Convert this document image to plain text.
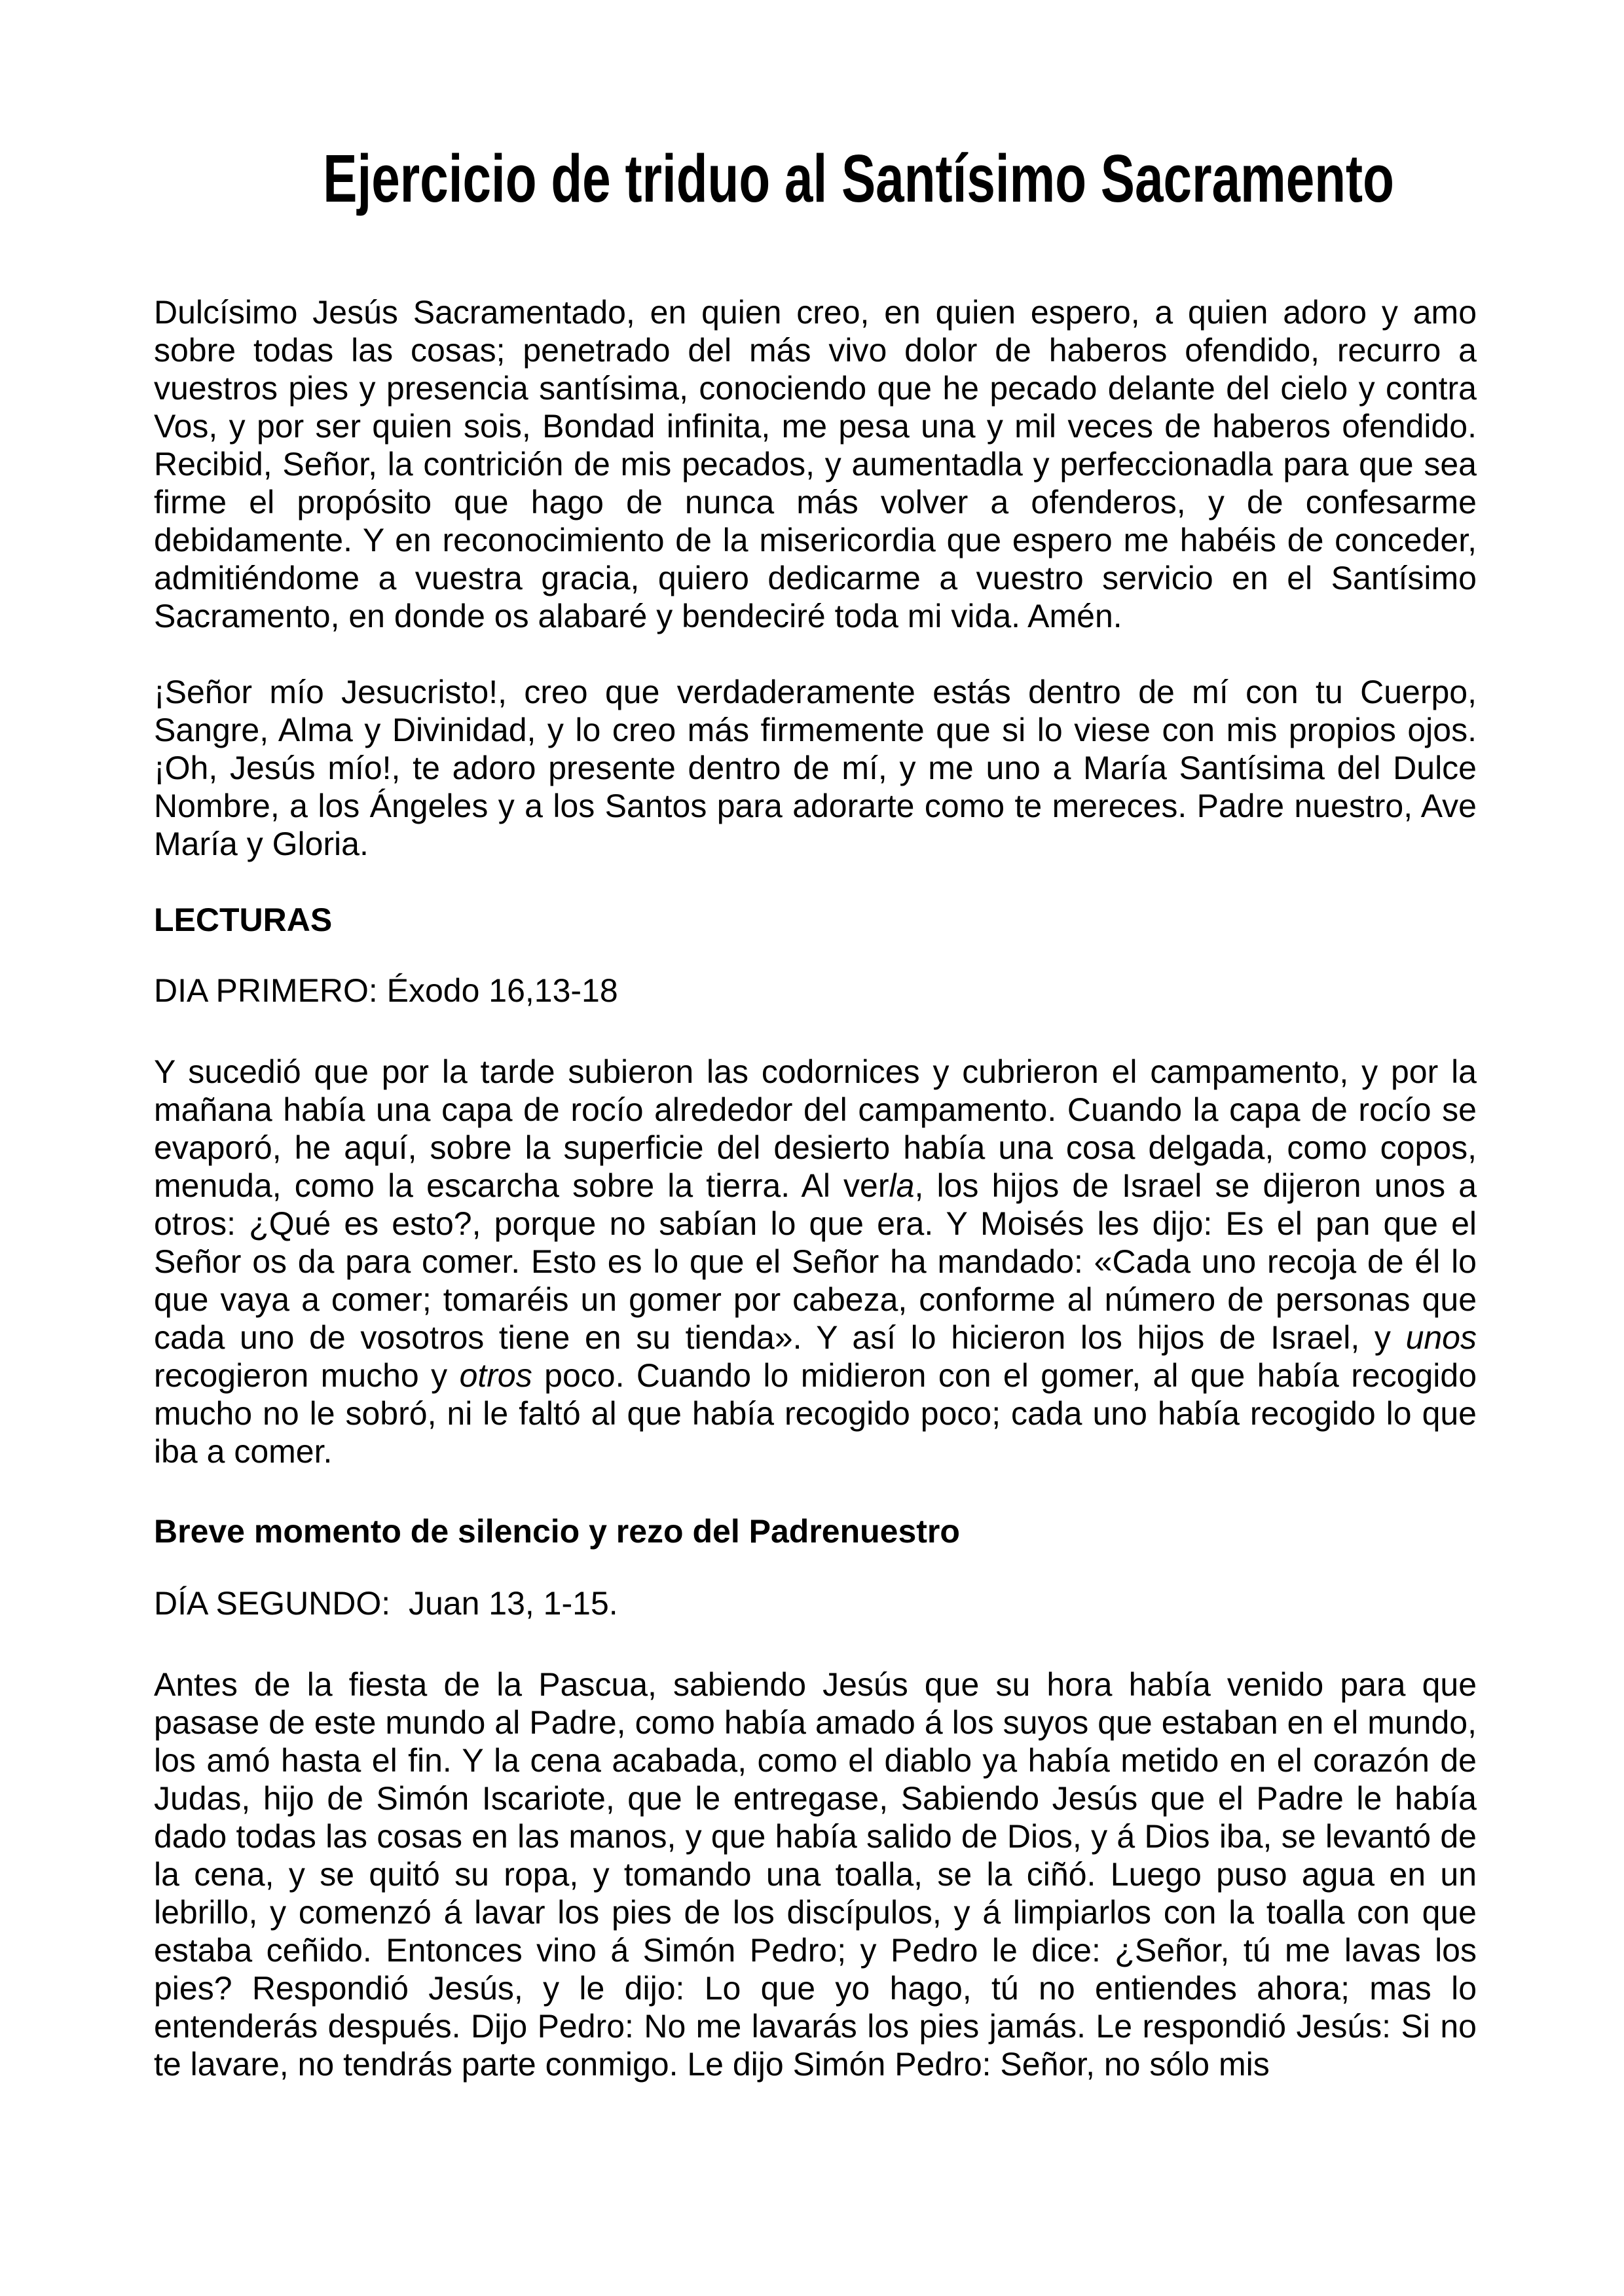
Ejercicio de triduo al Santísimo Sacramento

Dulcísimo Jesús Sacramentado, en quien creo, en quien espero, a quien adoro y amo sobre todas las cosas; penetrado del más vivo dolor de haberos ofendido, recurro a vuestros pies y presencia santísima, conociendo que he pecado delante del cielo y contra Vos, y por ser quien sois, Bondad infinita, me pesa una y mil veces de haberos ofendido. Recibid, Señor, la contrición de mis pecados, y aumentadla y perfeccionadla para que sea firme el propósito que hago de nunca más volver a ofenderos, y de confesarme debidamente. Y en reconocimiento de la misericordia que espero me habéis de conceder, admitiéndome a vuestra gracia, quiero dedicarme a vuestro servicio en el Santísimo Sacramento, en donde os alabaré y bendeciré toda mi vida. Amén.

¡Señor mío Jesucristo!, creo que verdaderamente estás dentro de mí con tu Cuerpo, Sangre, Alma y Divinidad, y lo creo más firmemente que si lo viese con mis propios ojos. ¡Oh, Jesús mío!, te adoro presente dentro de mí, y me uno a María Santísima del Dulce Nombre, a los Ángeles y a los Santos para adorarte como te mereces. Padre nuestro, Ave María y Gloria.

LECTURAS

DIA PRIMERO: Éxodo 16,13-18

Y sucedió que por la tarde subieron las codornices y cubrieron el campamento, y por la mañana había una capa de rocío alrededor del campamento. Cuando la capa de rocío se evaporó, he aquí, sobre la superficie del desierto había una cosa delgada, como copos, menuda, como la escarcha sobre la tierra. Al verla, los hijos de Israel se dijeron unos a otros: ¿Qué es esto?, porque no sabían lo que era. Y Moisés les dijo: Es el pan que el Señor os da para comer. Esto es lo que el Señor ha mandado: «Cada uno recoja de él lo que vaya a comer; tomaréis un gomer por cabeza, conforme al número de personas que cada uno de vosotros tiene en su tienda». Y así lo hicieron los hijos de Israel, y unos recogieron mucho y otros poco. Cuando lo midieron con el gomer, al que había recogido mucho no le sobró, ni le faltó al que había recogido poco; cada uno había recogido lo que iba a comer.

Breve momento de silencio y rezo del Padrenuestro

DÍA SEGUNDO:  Juan 13, 1-15.

Antes de la fiesta de la Pascua, sabiendo Jesús que su hora había venido para que pasase de este mundo al Padre, como había amado á los suyos que estaban en el mundo, los amó hasta el fin. Y la cena acabada, como el diablo ya había metido en el corazón de Judas, hijo de Simón Iscariote, que le entregase, Sabiendo Jesús que el Padre le había dado todas las cosas en las manos, y que había salido de Dios, y á Dios iba, se levantó de la cena, y se quitó su ropa, y tomando una toalla, se la ciñó. Luego puso agua en un lebrillo, y comenzó á lavar los pies de los discípulos, y á limpiarlos con la toalla con que estaba ceñido. Entonces vino á Simón Pedro; y Pedro le dice: ¿Señor, tú me lavas los pies? Respondió Jesús, y le dijo: Lo que yo hago, tú no entiendes ahora; mas lo entenderás después. Dijo Pedro: No me lavarás los pies jamás. Le respondió Jesús: Si no te lavare, no tendrás parte conmigo. Le dijo Simón Pedro: Señor, no sólo mis
